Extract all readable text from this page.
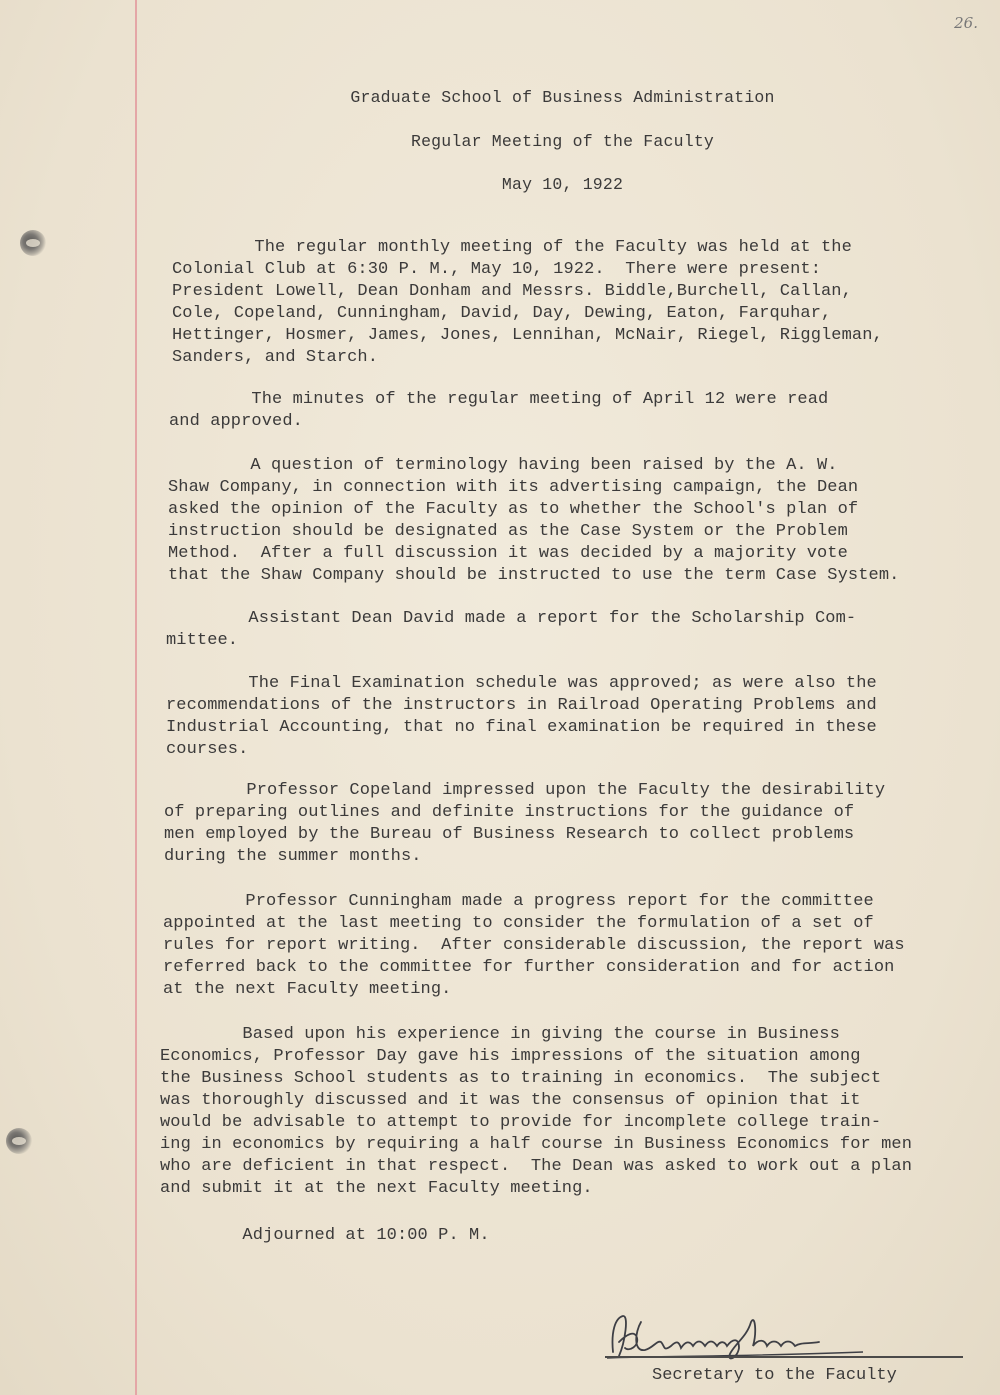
26.
Graduate School of Business Administration
Regular Meeting of the Faculty
May 10, 1922
The regular monthly meeting of the Faculty was held at the
Colonial Club at 6:30 P. M., May 10, 1922.  There were present:
President Lowell, Dean Donham and Messrs. Biddle,Burchell, Callan,
Cole, Copeland, Cunningham, David, Day, Dewing, Eaton, Farquhar,
Hettinger, Hosmer, James, Jones, Lennihan, McNair, Riegel, Riggleman,
Sanders, and Starch.
The minutes of the regular meeting of April 12 were read
and approved.
A question of terminology having been raised by the A. W.
Shaw Company, in connection with its advertising campaign, the Dean
asked the opinion of the Faculty as to whether the School's plan of
instruction should be designated as the Case System or the Problem
Method.  After a full discussion it was decided by a majority vote
that the Shaw Company should be instructed to use the term Case System.
Assistant Dean David made a report for the Scholarship Com-
mittee.
The Final Examination schedule was approved; as were also the
recommendations of the instructors in Railroad Operating Problems and
Industrial Accounting, that no final examination be required in these
courses.
Professor Copeland impressed upon the Faculty the desirability
of preparing outlines and definite instructions for the guidance of
men employed by the Bureau of Business Research to collect problems
during the summer months.
Professor Cunningham made a progress report for the committee
appointed at the last meeting to consider the formulation of a set of
rules for report writing.  After considerable discussion, the report was
referred back to the committee for further consideration and for action
at the next Faculty meeting.
Based upon his experience in giving the course in Business
Economics, Professor Day gave his impressions of the situation among
the Business School students as to training in economics.  The subject
was thoroughly discussed and it was the consensus of opinion that it
would be advisable to attempt to provide for incomplete college train-
ing in economics by requiring a half course in Business Economics for men
who are deficient in that respect.  The Dean was asked to work out a plan
and submit it at the next Faculty meeting.
Adjourned at 10:00 P. M.
Secretary to the Faculty
